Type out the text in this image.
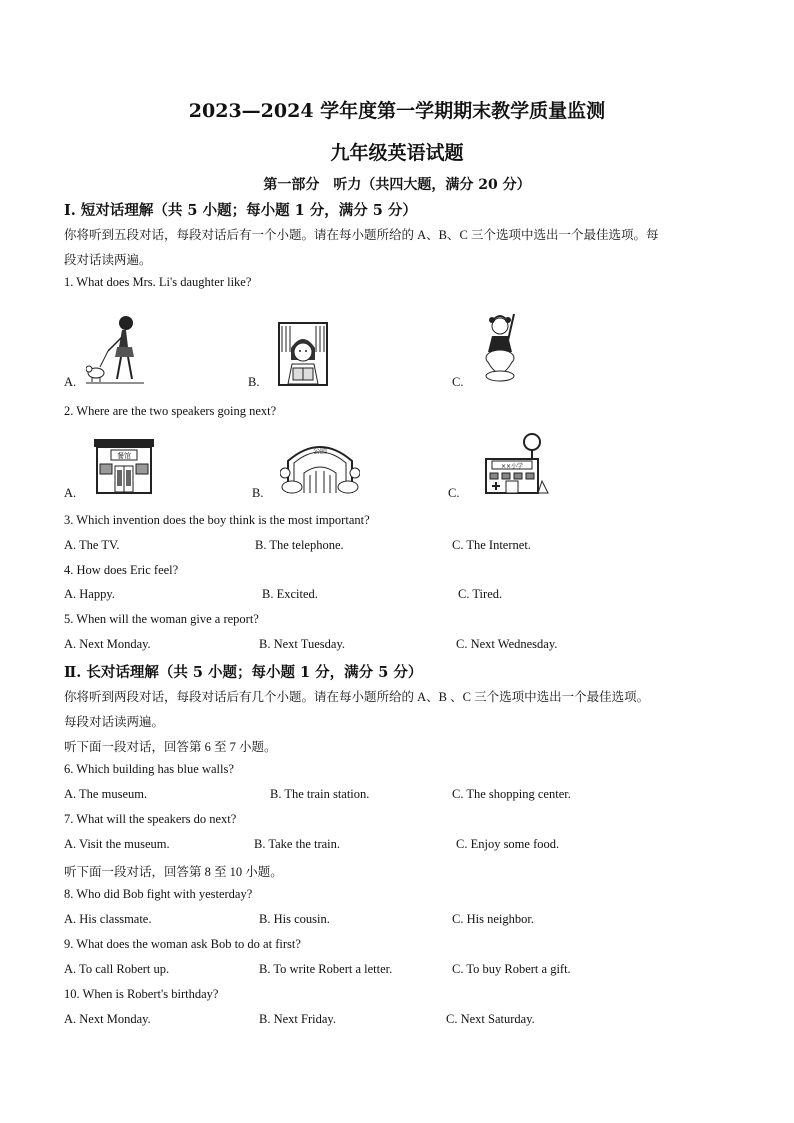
2023—2024 学年度第一学期期末教学质量监测
九年级英语试题
第一部分　听力（共四大题，满分 20 分）
Ⅰ. 短对话理解（共 5 小题；每小题 1 分，满分 5 分）
你将听到五段对话，每段对话后有一个小题。请在每小题所给的 A、B、C 三个选项中选出一个最佳选项。每
段对话读两遍。
1. What does Mrs. Li's daughter like?
A.	B.	C.
2. Where are the two speakers going next?
餐馆
A.
公园
B.
××小学
C.
3. Which invention does the boy think is the most important?
A. The TV.	B. The telephone.	C. The Internet.
4. How does Eric feel?
A. Happy.	B. Excited.	C. Tired.
5. When will the woman give a report?
A. Next Monday.	B. Next Tuesday.	C. Next Wednesday.
Ⅱ. 长对话理解（共 5 小题；每小题 1 分，满分 5 分）
你将听到两段对话，每段对话后有几个小题。请在每小题所给的 A、B 、C 三个选项中选出一个最佳选项。
每段对话读两遍。
听下面一段对话，回答第 6 至 7 小题。
6. Which building has blue walls?
A. The museum.	B. The train station.	C. The shopping center.
7. What will the speakers do next?
A. Visit the museum.	B. Take the train.	C. Enjoy some food.
听下面一段对话，回答第 8 至 10 小题。
8. Who did Bob fight with yesterday?
A. His classmate.	B. His cousin.	C. His neighbor.
9. What does the woman ask Bob to do at first?
A. To call Robert up.	B. To write Robert a letter.	C. To buy Robert a gift.
10. When is Robert's birthday?
A. Next Monday.	B. Next Friday.	C. Next Saturday.
